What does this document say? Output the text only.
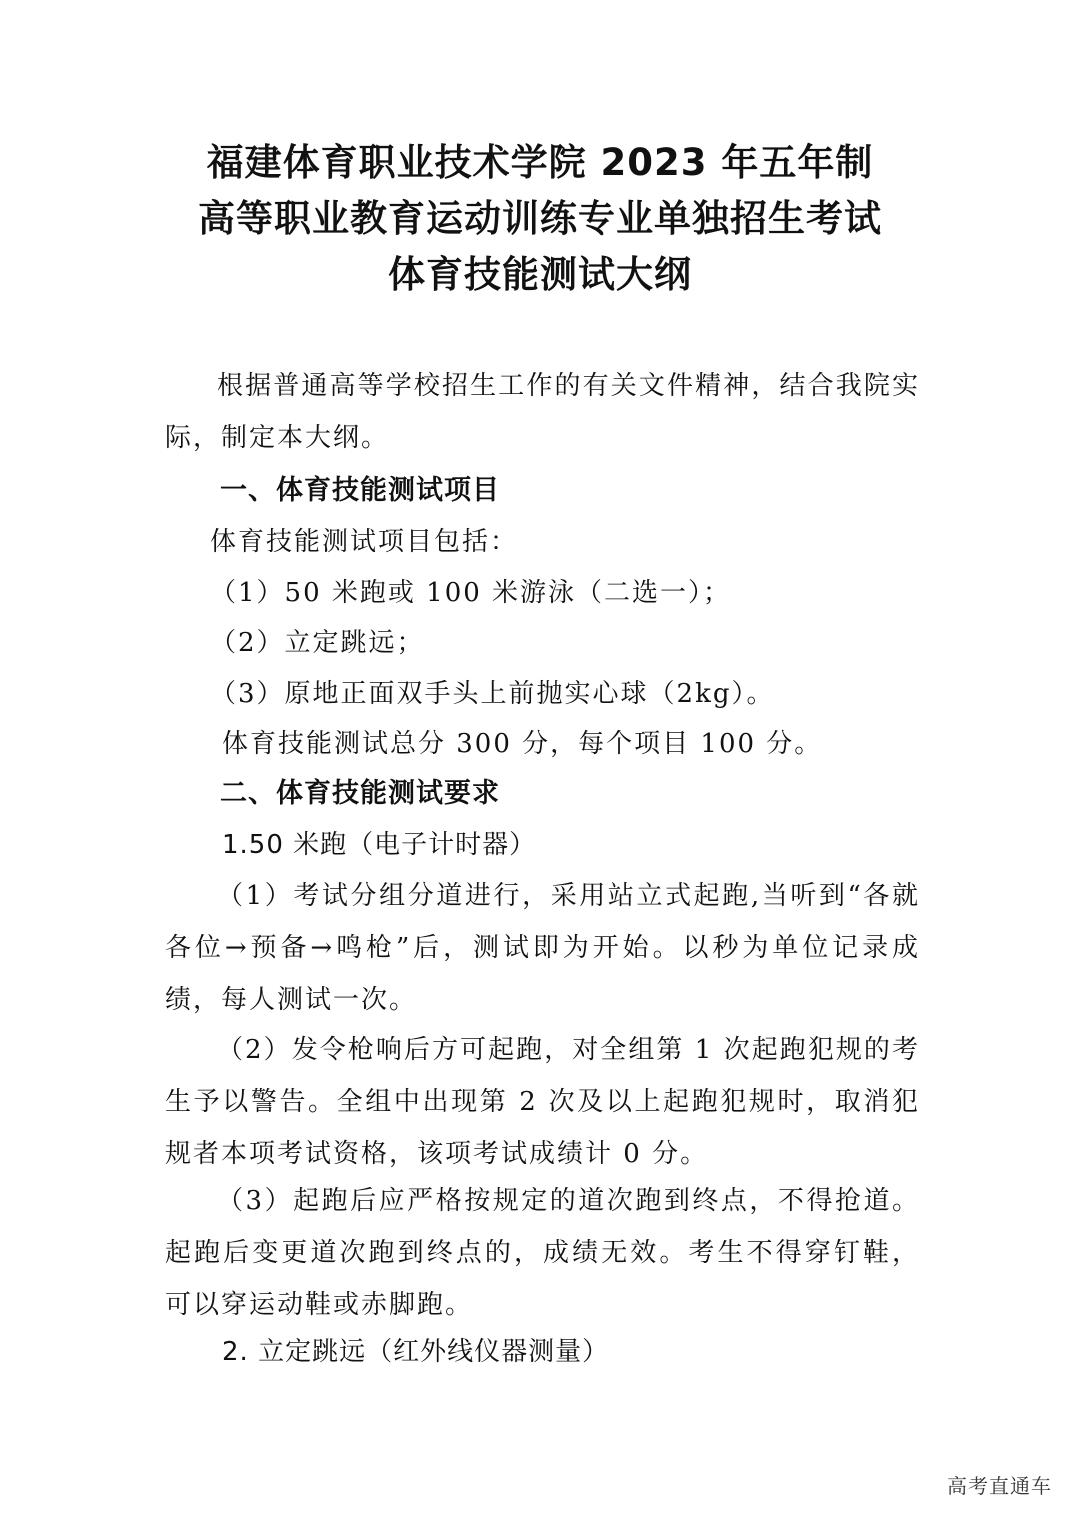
福建体育职业技术学院 2023 年五年制
高等职业教育运动训练专业单独招生考试
体育技能测试大纲
根据普通高等学校招生工作的有关文件精神，结合我院实际，制定本大纲。
一、体育技能测试项目
体育技能测试项目包括：
（1）50 米跑或 100 米游泳（二选一）；
（2）立定跳远；
（3）原地正面双手头上前抛实心球（2kg）。
体育技能测试总分 300 分，每个项目 100 分。
二、体育技能测试要求
1.50 米跑（电子计时器）
（1）考试分组分道进行，采用站立式起跑,当听到“各就各位→预备→鸣枪”后，测试即为开始。以秒为单位记录成绩，每人测试一次。
（2）发令枪响后方可起跑，对全组第 1 次起跑犯规的考生予以警告。全组中出现第 2 次及以上起跑犯规时，取消犯规者本项考试资格，该项考试成绩计 0 分。
（3）起跑后应严格按规定的道次跑到终点，不得抢道。起跑后变更道次跑到终点的，成绩无效。考生不得穿钉鞋，可以穿运动鞋或赤脚跑。
2. 立定跳远（红外线仪器测量）
高考直通车
